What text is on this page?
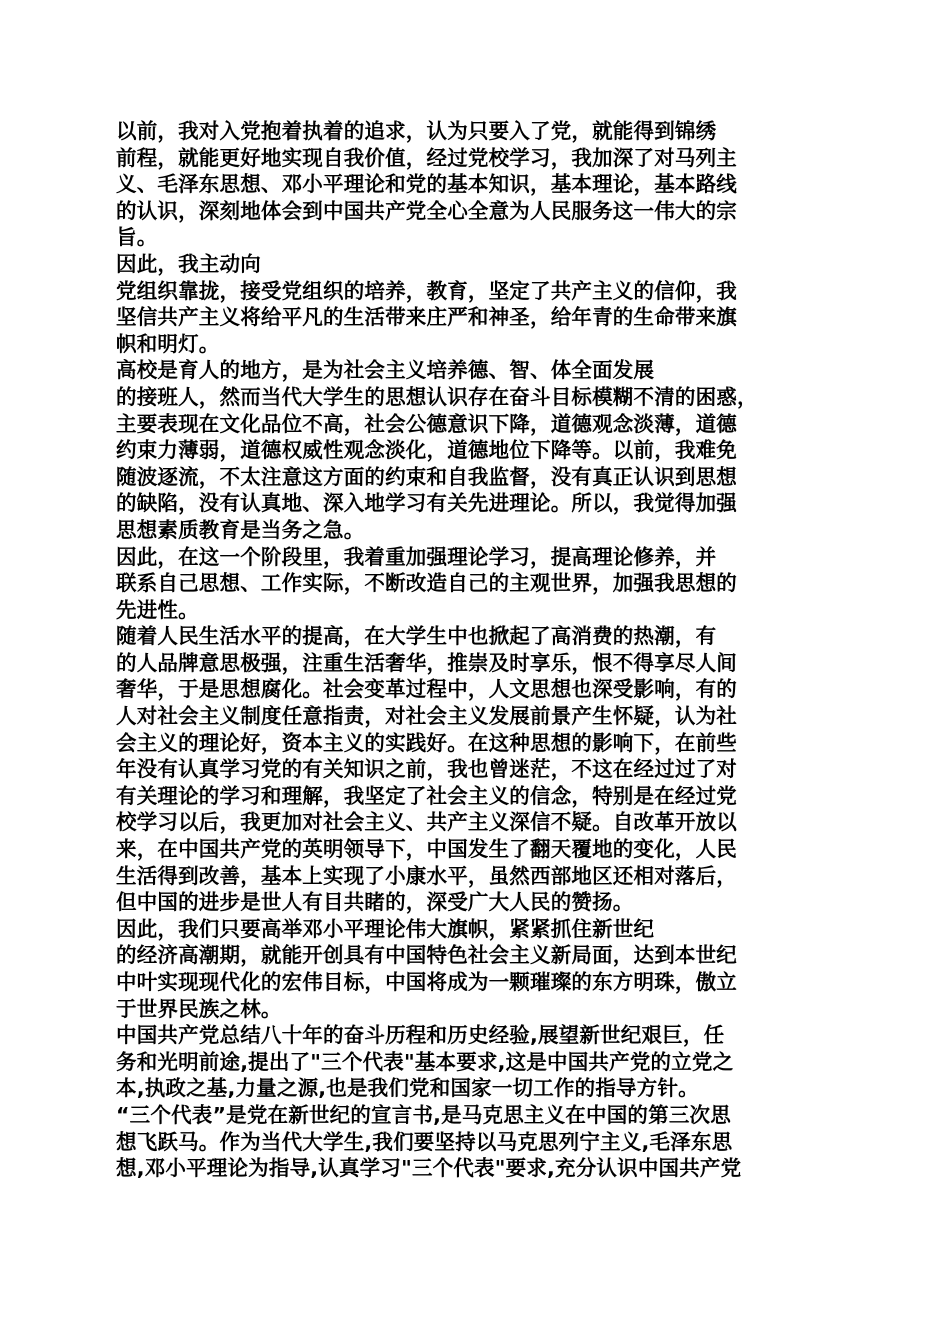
以前，我对入党抱着执着的追求，认为只要入了党，就能得到锦绣
前程，就能更好地实现自我价值，经过党校学习，我加深了对马列主
义、毛泽东思想、邓小平理论和党的基本知识，基本理论，基本路线
的认识，深刻地体会到中国共产党全心全意为人民服务这一伟大的宗
旨。
因此，我主动向
党组织靠拢，接受党组织的培养，教育，坚定了共产主义的信仰，我
坚信共产主义将给平凡的生活带来庄严和神圣，给年青的生命带来旗
帜和明灯。
高校是育人的地方，是为社会主义培养德、智、体全面发展
的接班人，然而当代大学生的思想认识存在奋斗目标模糊不清的困惑，
主要表现在文化品位不高，社会公德意识下降，道德观念淡薄，道德
约束力薄弱，道德权威性观念淡化，道德地位下降等。以前，我难免
随波逐流，不太注意这方面的约束和自我监督，没有真正认识到思想
的缺陷，没有认真地、深入地学习有关先进理论。所以，我觉得加强
思想素质教育是当务之急。
因此，在这一个阶段里，我着重加强理论学习，提高理论修养，并
联系自己思想、工作实际，不断改造自己的主观世界，加强我思想的
先进性。
随着人民生活水平的提高，在大学生中也掀起了高消费的热潮，有
的人品牌意思极强，注重生活奢华，推崇及时享乐，恨不得享尽人间
奢华，于是思想腐化。社会变革过程中，人文思想也深受影响，有的
人对社会主义制度任意指责，对社会主义发展前景产生怀疑，认为社
会主义的理论好，资本主义的实践好。在这种思想的影响下，在前些
年没有认真学习党的有关知识之前，我也曾迷茫，不这在经过过了对
有关理论的学习和理解，我坚定了社会主义的信念，特别是在经过党
校学习以后，我更加对社会主义、共产主义深信不疑。自改革开放以
来，在中国共产党的英明领导下，中国发生了翻天覆地的变化，人民
生活得到改善，基本上实现了小康水平，虽然西部地区还相对落后，
但中国的进步是世人有目共睹的，深受广大人民的赞扬。
因此，我们只要高举邓小平理论伟大旗帜，紧紧抓住新世纪
的经济高潮期，就能开创具有中国特色社会主义新局面，达到本世纪
中叶实现现代化的宏伟目标，中国将成为一颗璀璨的东方明珠，傲立
于世界民族之林。
中国共产党总结八十年的奋斗历程和历史经验,展望新世纪艰巨，任
务和光明前途,提出了"三个代表"基本要求,这是中国共产党的立党之
本,执政之基,力量之源,也是我们党和国家一切工作的指导方针。
“三个代表”是党在新世纪的宣言书,是马克思主义在中国的第三次思
想飞跃马。作为当代大学生,我们要坚持以马克思列宁主义,毛泽东思
想,邓小平理论为指导,认真学习"三个代表"要求,充分认识中国共产党
